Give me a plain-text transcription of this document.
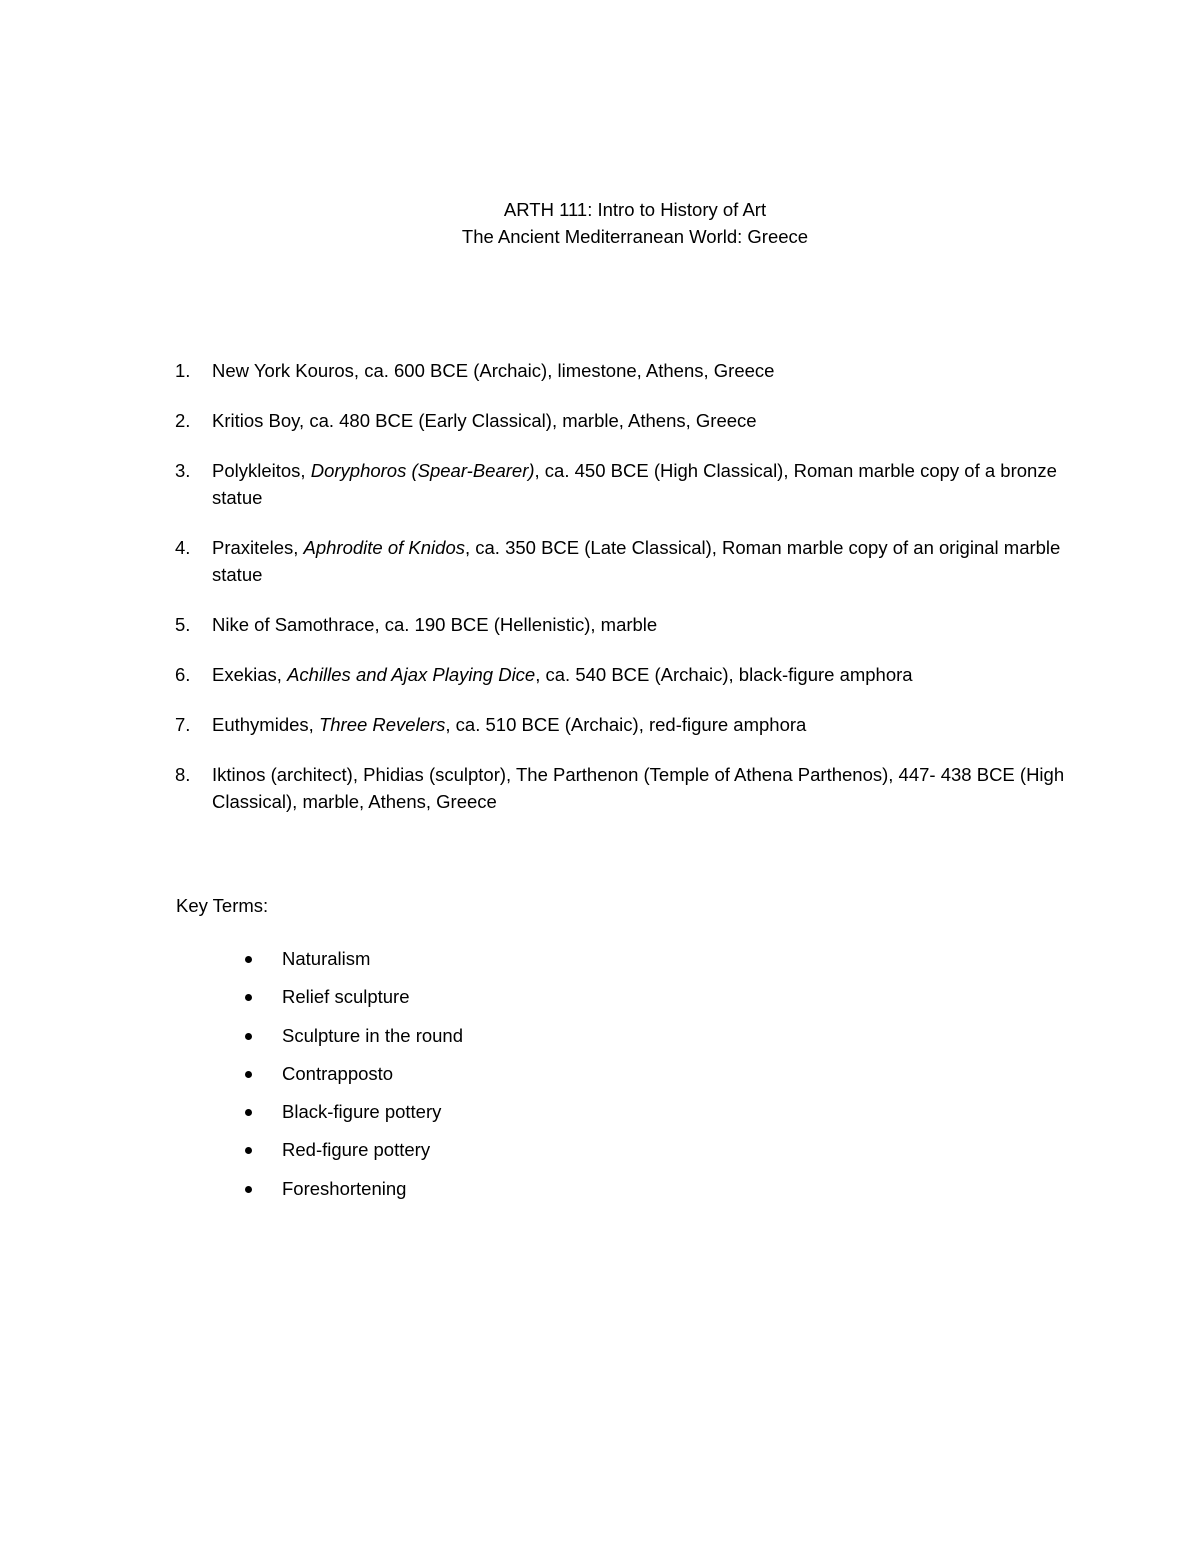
ARTH 111: Intro to History of Art
The Ancient Mediterranean World: Greece
1. New York Kouros, ca. 600 BCE (Archaic), limestone, Athens, Greece
2. Kritios Boy, ca. 480 BCE (Early Classical), marble, Athens, Greece
3. Polykleitos, Doryphoros (Spear-Bearer), ca. 450 BCE (High Classical), Roman marble copy of a bronze statue
4. Praxiteles, Aphrodite of Knidos, ca. 350 BCE (Late Classical), Roman marble copy of an original marble statue
5. Nike of Samothrace, ca. 190 BCE (Hellenistic), marble
6. Exekias, Achilles and Ajax Playing Dice, ca. 540 BCE (Archaic), black-figure amphora
7. Euthymides, Three Revelers, ca. 510 BCE (Archaic), red-figure amphora
8. Iktinos (architect), Phidias (sculptor), The Parthenon (Temple of Athena Parthenos), 447- 438 BCE (High Classical), marble, Athens, Greece
Key Terms:
Naturalism
Relief sculpture
Sculpture in the round
Contrapposto
Black-figure pottery
Red-figure pottery
Foreshortening
